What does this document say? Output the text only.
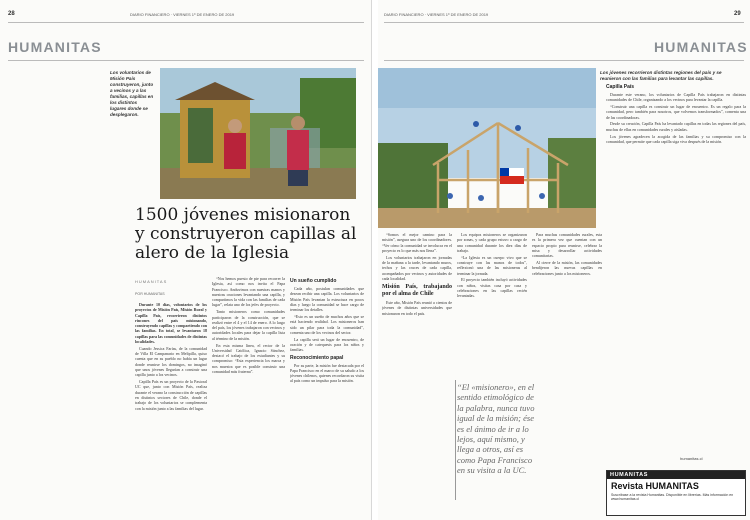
28	DIARIO FINANCIERO · VIERNES 1º DE ENERO DE 2019
HUMANITAS
Los voluntarios de Misión País construyeron, junto a vecinos y a las familias, capillas en los distintos lugares donde se desplegaron.
1500 jóvenes misionaron y construyeron capillas al alero de la Iglesia
HUMANITAS
POR HUMANITAS

Durante 10 días, voluntarios de los proyectos de Misión País, Misión Rural y Capilla País, recorrieron distintos rincones del país misionando, construyendo capillas y compartiendo con las familias. En total, se levantaron 18 capillas para las comunidades de distintas localidades.

Cuando Jessica Farías, de la comunidad de Villa El Campanario en Melipilla, quiso cuenta que en su pueblo no había un lugar donde reunirse los domingos, no imaginó que unos jóvenes llegarían a construir una capilla junto a los vecinos.

Capilla País es un proyecto de la Pastoral UC que, junto con Misión País, realiza durante el verano la construcción de capillas en distintos sectores de Chile, donde el trabajo de los voluntarios se complementa con la misión junto a las familias del lugar.

“Nos hemos puesto de pie para recorrer la Iglesia, así como nos invita el Papa Francisco. Anduvimos con nuestras manos y nuestras oraciones levantando una capilla, y compartimos la vida con las familias de cada lugar”, relata uno de los jefes de proyecto.

Tanto misioneros como comunidades participaron de la construcción, que se realizó entre el 4 y el 14 de enero. A lo largo del país, los jóvenes trabajaron con vecinos y autoridades locales para dejar la capilla lista al término de la misión.

En esta misma línea, el rector de la Universidad Católica, Ignacio Sánchez, destacó el trabajo de los estudiantes y su compromiso: “Esta experiencia los marca y nos muestra que es posible construir una comunidad más fraterna”.

Un sueño cumplido

Cada año, postulan comunidades que desean recibir una capilla. Los voluntarios de Misión País levantan la estructura en pocos días y luego la comunidad se hace cargo de terminar los detalles.

“Esto es un sueño de muchos años que se está haciendo realidad. Los misioneros han sido un pilar para toda la comunidad”, comenta uno de los vecinos del sector.

La capilla será un lugar de encuentro, de oración y de catequesis para los niños y familias.

Reconocimiento papal

Por su parte, la misión fue destacada por el Papa Francisco en el marco de su saludo a los jóvenes chilenos, quienes recordaron su visita al país como un impulso para la misión.

DIARIO FINANCIERO · VIERNES 1º DE ENERO DE 2019	29
HUMANITAS
Los jóvenes recorrieron distintas regiones del país y se reunieron con las familias para levantar las capillas.

“Somos el mejor camino para la misión”, asegura uno de los coordinadores. “Ver cómo la comunidad se involucra en el proyecto es lo que más nos llena”.

Los voluntarios trabajaron en jornadas de la mañana a la tarde, levantando muros, techos y las cruces de cada capilla, acompañados por vecinos y autoridades de cada localidad.

Misión País, trabajando por el alma de Chile

Este año, Misión País reunió a cientos de jóvenes de distintas universidades que misionaron en todo el país.

Los equipos misioneros se organizaron por zonas, y cada grupo estuvo a cargo de una comunidad durante los diez días de trabajo.

“La Iglesia es un cuerpo vivo que se construye con las manos de todos”, reflexionó una de las misioneras al terminar la jornada.

El proyecto también incluyó actividades con niños, visitas casa por casa y celebraciones en las capillas recién levantadas.

“El «misionero», en el sentido etimológico de la palabra, nunca tuvo igual de la misión; ése es el ánimo de ir a lo lejos, aquí mismo, y llega a otros, así es como Papa Francisco en su visita a la UC.

Para muchas comunidades rurales, esta es la primera vez que cuentan con un espacio propio para reunirse, celebrar la misa y desarrollar actividades comunitarias.

Al cierre de la misión, las comunidades bendijeron las nuevas capillas en celebraciones junto a los misioneros.

Capilla País

Durante este verano, los voluntarios de Capilla País trabajaron en distintas comunidades de Chile, organizando a los vecinos para levantar la capilla.

“Construir una capilla es construir un lugar de encuentro. Es un regalo para la comunidad, pero también para nosotros, que volvemos transformados”, comenta una de las coordinadoras.

Desde su creación, Capilla País ha levantado capillas en todas las regiones del país, muchas de ellas en comunidades rurales y aisladas.

Los jóvenes agradecen la acogida de las familias y su compromiso con la comunidad, que permite que cada capilla siga viva después de la misión.

humanitas.cl
HUMANITAS
Revista HUMANITAS
Suscríbase a la revista Humanitas. Disponible en librerías. Más información en www.humanitas.cl
